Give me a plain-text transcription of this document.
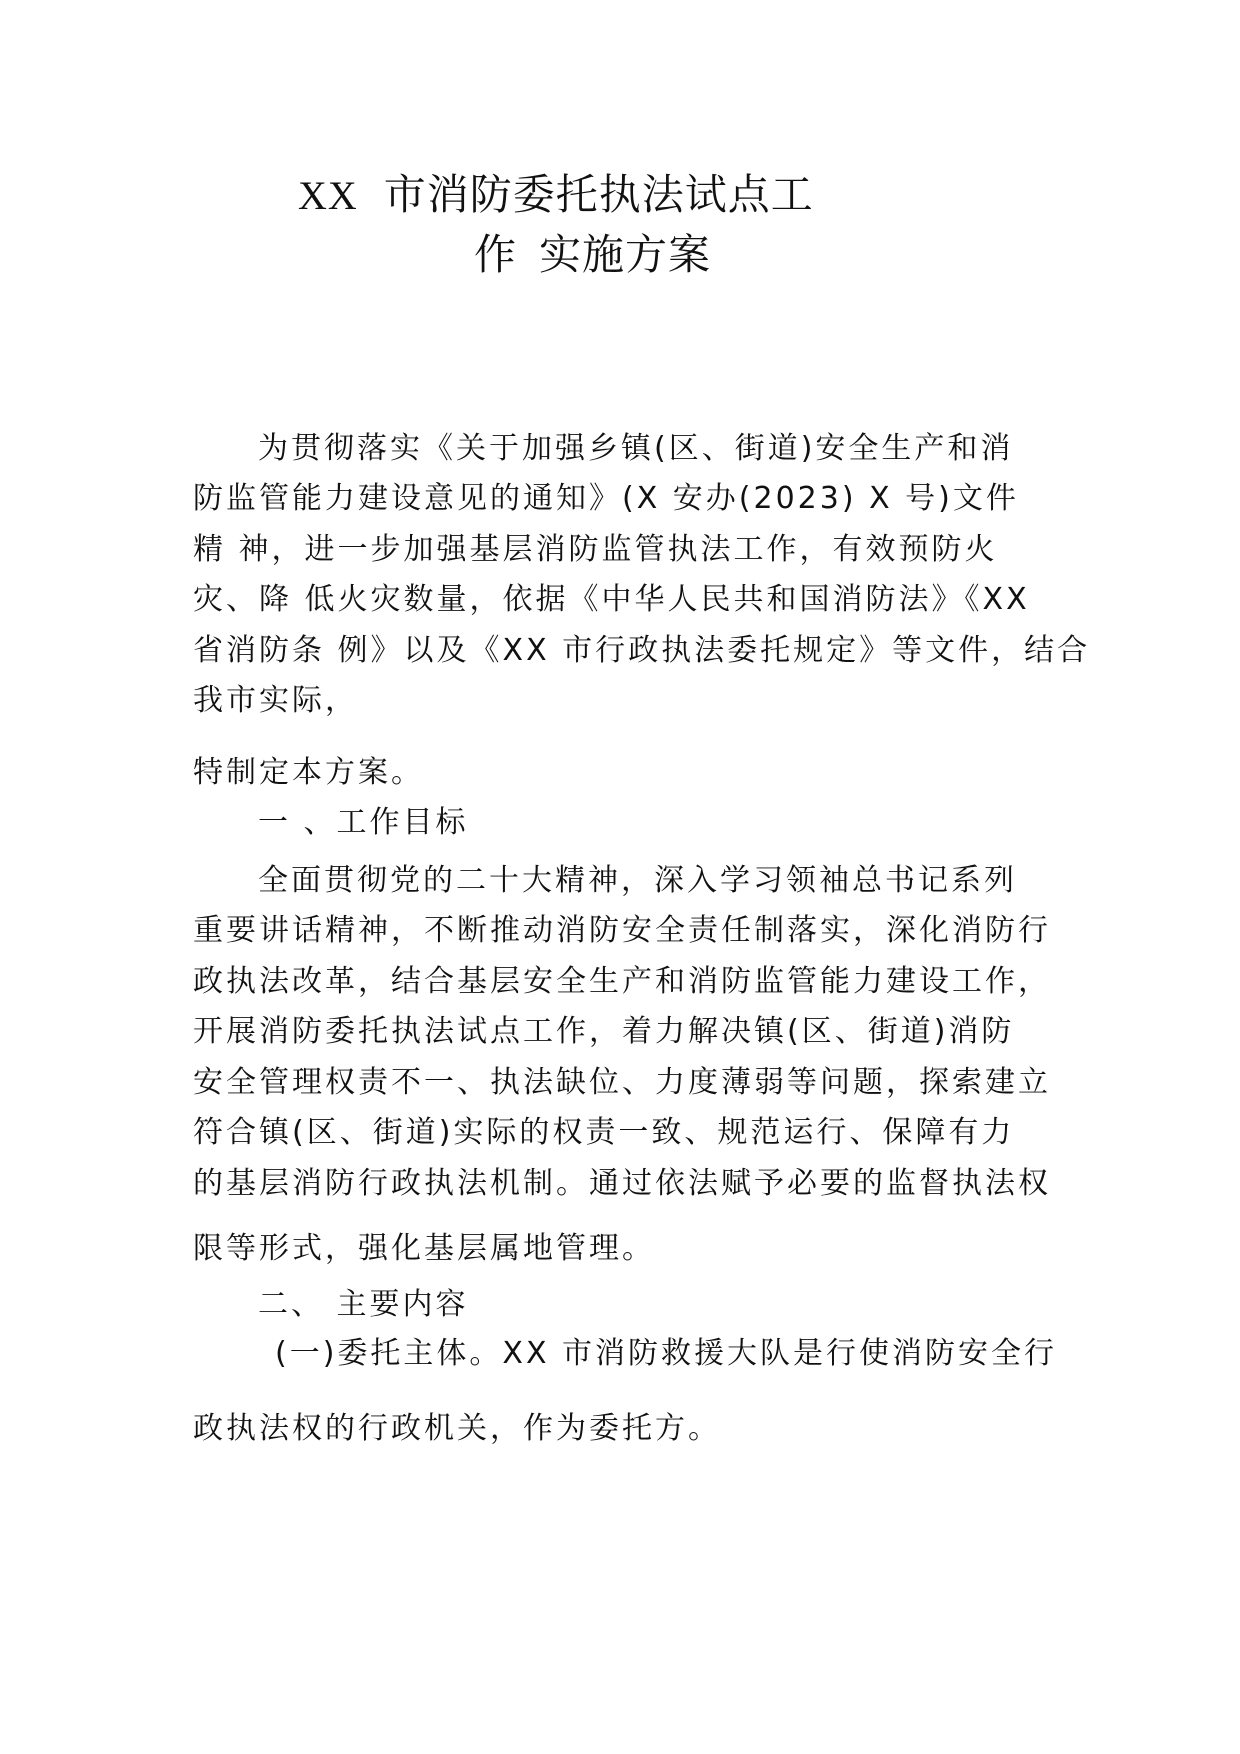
XX 市消防委托执法试点工
作 实施方案
为贯彻落实《关于加强乡镇(区、街道)安全生产和消
防监管能力建设意见的通知》(X 安办(2023) X 号)文件
精 神，进一步加强基层消防监管执法工作，有效预防火
灾、降 低火灾数量，依据《中华人民共和国消防法》《XX
省消防条 例》以及《XX 市行政执法委托规定》等文件，结合
我市实际，
特制定本方案。
一 、工作目标
全面贯彻党的二十大精神，深入学习领袖总书记系列
重要讲话精神，不断推动消防安全责任制落实，深化消防行
政执法改革，结合基层安全生产和消防监管能力建设工作，
开展消防委托执法试点工作，着力解决镇(区、街道)消防
安全管理权责不一、执法缺位、力度薄弱等问题，探索建立
符合镇(区、街道)实际的权责一致、规范运行、保障有力
的基层消防行政执法机制。通过依法赋予必要的监督执法权
限等形式，强化基层属地管理。
二、 主要内容
(一)委托主体。XX 市消防救援大队是行使消防安全行
政执法权的行政机关，作为委托方。
